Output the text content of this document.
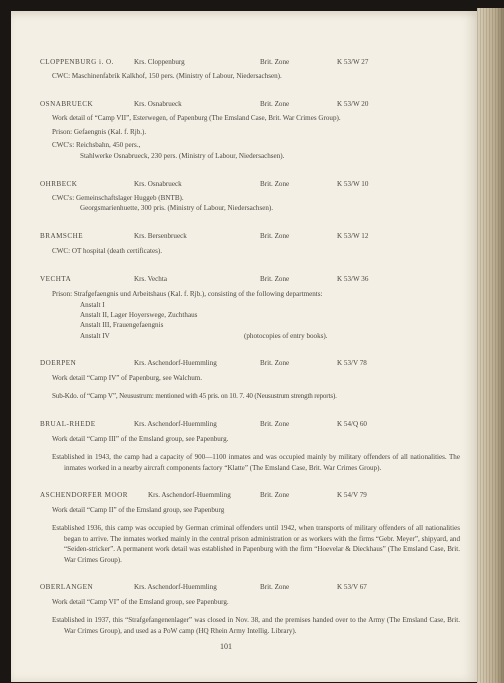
CLOPPENBURG i. O.	Krs. Cloppenburg	Brit. Zone	K 53/W 27
CWC: Maschinenfabrik Kalkhof, 150 pers. (Ministry of Labour, Niedersachsen).
OSNABRUECK	Krs. Osnabrueck	Brit. Zone	K 53/W 20
Work detail of “Camp VII”, Esterwegen, of Papenburg (The Emsland Case, Brit. War Crimes Group).
Prison: Gefaengnis (Kal. f. Rjb.).
CWC's: Reichsbahn, 450 pers.,
Stahlwerke Osnabrueck, 230 pers. (Ministry of Labour, Niedersachsen).
OHRBECK	Krs. Osnabrueck	Brit. Zone	K 53/W 10
CWC's: Gemeinschaftslager Huggeb (BNTB).
Georgsmarienhuette, 300 pris. (Ministry of Labour, Niedersachsen).
BRAMSCHE	Krs. Bersenbrueck	Brit. Zone	K 53/W 12
CWC: OT hospital (death certificates).
VECHTA	Krs. Vechta	Brit. Zone	K 53/W 36
Prison: Strafgefaengnis und Arbeitshaus (Kal. f. Rjb.), consisting of the following departments:
Anstalt I
Anstalt II, Lager Hoyerswege, Zuchthaus
Anstalt III, Frauengefaengnis
Anstalt IV	(photocopies of entry books).
DOERPEN	Krs. Aschendorf-Huemmling	Brit. Zone	K 53/V 78
Work detail “Camp IV” of Papenburg, see Walchum.
Sub-Kdo. of “Camp V”, Neusustrum: mentioned with 45 pris. on 10. 7. 40 (Neusustrum strength reports).
BRUAL-RHEDE	Krs. Aschendorf-Huemmling	Brit. Zone	K 54/Q 60
Work detail “Camp III” of the Emsland group, see Papenburg.
Established in 1943, the camp had a capacity of 900—1100 inmates and was occupied mainly by military offenders of all nationalities. The inmates worked in a nearby aircraft components factory “Klatte” (The Emsland Case, Brit. War Crimes Group).
ASCHENDORFER MOOR	Krs. Aschendorf-Huemmling	Brit. Zone	K 54/V 79
Work detail “Camp II” of the Emsland group, see Papenburg
Established 1936, this camp was occupied by German criminal offenders until 1942, when transports of military offenders of all nationalities began to arrive. The inmates worked mainly in the central prison administration or as workers with the firms “Gebr. Meyer”, shipyard, and “Seiden-stricker”. A permanent work detail was established in Papenburg with the firm “Hoevelar & Dieckhaus” (The Emsland Case, Brit. War Crimes Group).
OBERLANGEN	Krs. Aschendorf-Huemmling	Brit. Zone	K 53/V 67
Work detail “Camp VI” of the Emsland group, see Papenburg.
Established in 1937, this “Strafgefangenenlager” was closed in Nov. 38, and the premises handed over to the Army (The Emsland Case, Brit. War Crimes Group), and used as a PoW camp (HQ Rhein Army Intellig. Library).
101
